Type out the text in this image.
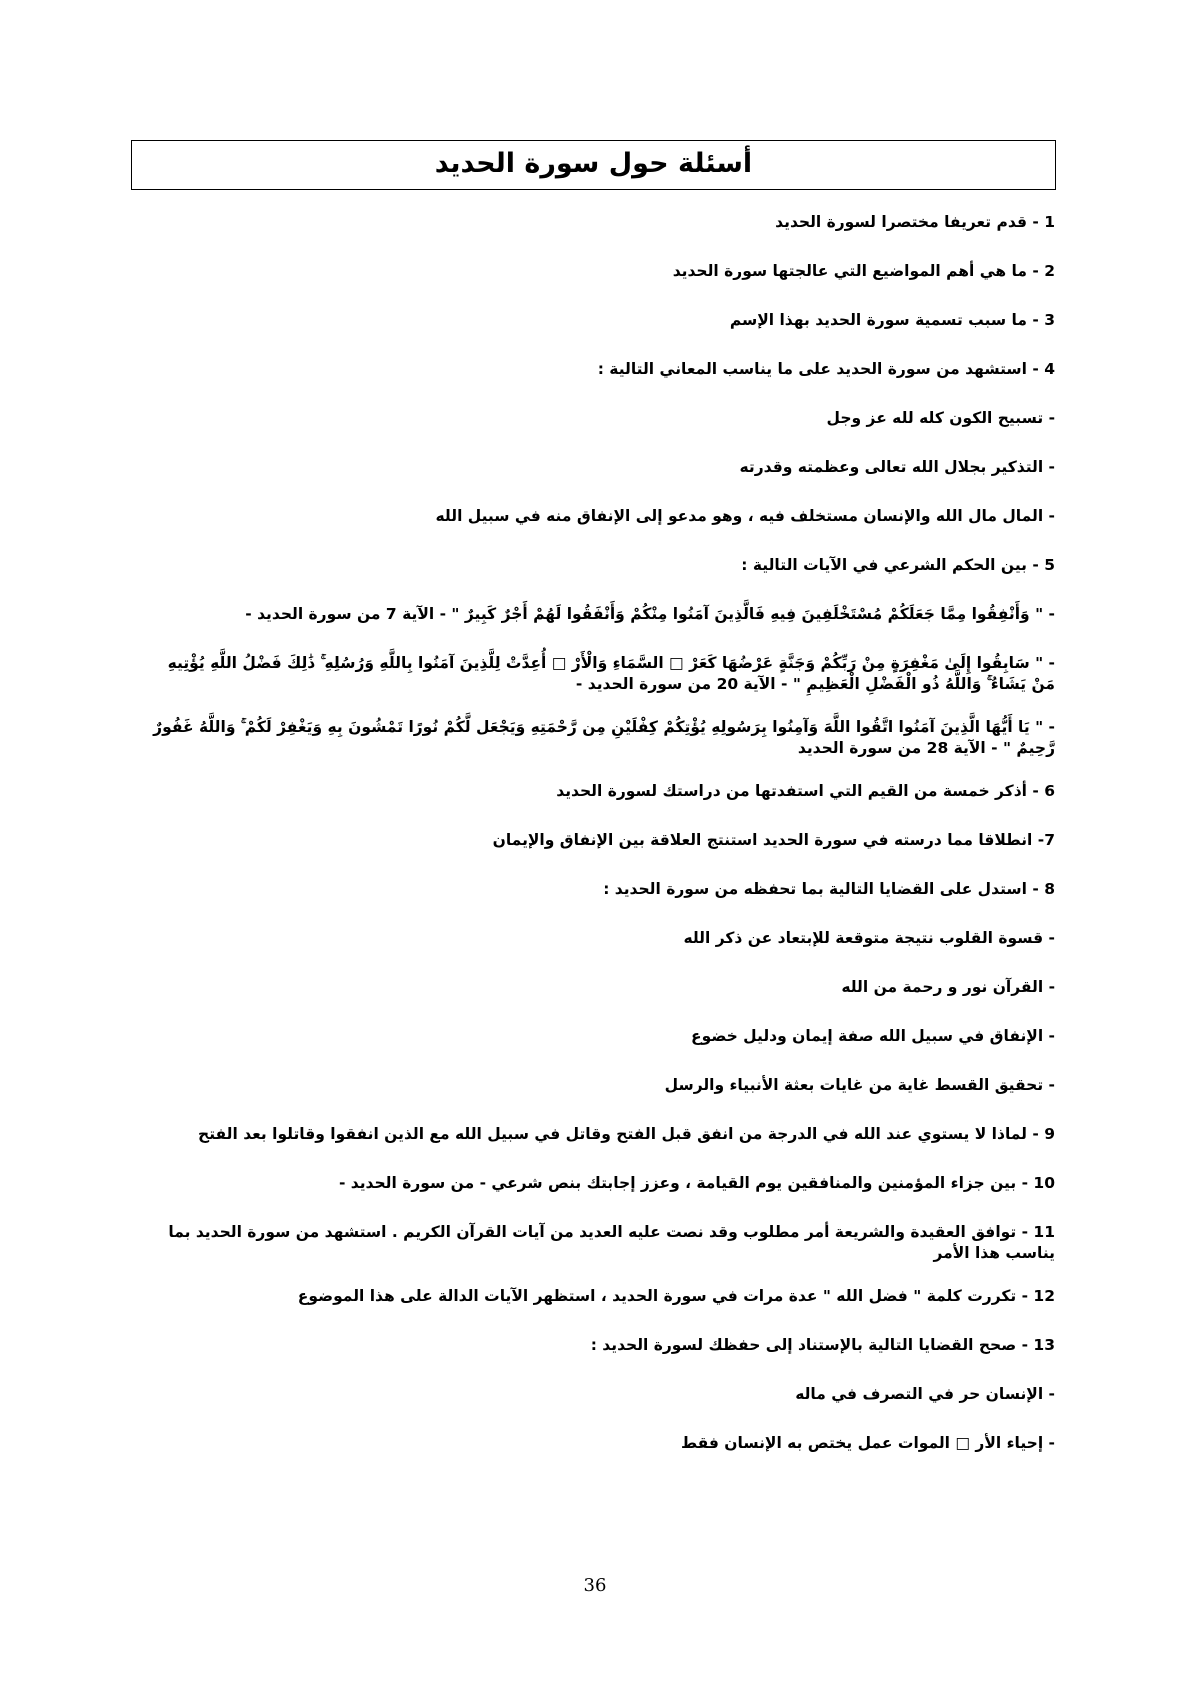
أسئلة حول سورة الحديد

1 - قدم تعريفا مختصرا لسورة الحديد

2 - ما هي أهم المواضيع التي عالجتها سورة الحديد

3 - ما سبب تسمية سورة الحديد بهذا الإسم

4 - استشهد من سورة الحديد على ما يناسب المعاني التالية :

- تسبيح الكون كله لله عز وجل

- التذكير بجلال الله تعالى وعظمته وقدرته

- المال مال الله والإنسان مستخلف فيه ، وهو مدعو إلى الإنفاق منه في سبيل الله

5 - بين الحكم الشرعي في الآيات التالية :

- " وَأَنْفِقُوا مِمَّا جَعَلَكُمْ مُسْتَخْلَفِينَ فِيهِ فَالَّذِينَ آمَنُوا مِنْكُمْ وَأَنْفَقُوا لَهُمْ أَجْرٌ كَبِيرٌ " - الآية 7 من سورة الحديد -

- " سَابِقُوا إِلَىٰ مَغْفِرَةٍ مِنْ رَبِّكُمْ وَجَنَّةٍ عَرْضُهَا كَعَرْ □ السَّمَاءِ وَالْأَرْ □ أُعِدَّتْ لِلَّذِينَ آمَنُوا بِاللَّهِ وَرُسُلِهِ ۚ ذَٰلِكَ فَضْلُ اللَّهِ يُؤْتِيهِ مَنْ يَشَاءُ ۚ وَاللَّهُ ذُو الْفَضْلِ الْعَظِيمِ " - الآية 20 من سورة الحديد -

- " يَا أَيُّهَا الَّذِينَ آمَنُوا اتَّقُوا اللَّهَ وَآمِنُوا بِرَسُولِهِ يُؤْتِكُمْ كِفْلَيْنِ مِن رَّحْمَتِهِ وَيَجْعَل لَّكُمْ نُورًا تَمْشُونَ بِهِ وَيَغْفِرْ لَكُمْ ۚ وَاللَّهُ غَفُورٌ رَّحِيمٌ " - الآية 28 من سورة الحديد

6 - أذكر خمسة من القيم التي استفدتها من دراستك لسورة الحديد

7- انطلاقا مما درسته في سورة الحديد استنتج العلاقة بين الإنفاق والإيمان

8 - استدل على القضايا التالية بما تحفظه من سورة الحديد :

- قسوة القلوب نتيجة متوقعة للإبتعاد عن ذكر الله

- القرآن نور و رحمة من الله

- الإنفاق في سبيل الله صفة إيمان ودليل خضوع

- تحقيق القسط غاية من غايات بعثة الأنبياء والرسل

9 - لماذا لا يستوي عند الله في الدرجة من انفق قبل الفتح وقاتل في سبيل الله مع الذين انفقوا وقاتلوا بعد الفتح

10 - بين جزاء المؤمنين والمنافقين يوم القيامة ، وعزز إجابتك بنص شرعي - من سورة الحديد -

11 - توافق العقيدة والشريعة أمر مطلوب وقد نصت عليه العديد من آيات القرآن الكريم . استشهد من سورة الحديد بما يناسب هذا الأمر

12 - تكررت كلمة " فضل الله " عدة مرات في سورة الحديد ، استظهر الآيات الدالة على هذا الموضوع

13 - صحح القضايا التالية بالإستناد إلى حفظك لسورة الحديد :

- الإنسان حر في التصرف في ماله

- إحياء الأر □ الموات عمل يختص به الإنسان فقط

36
